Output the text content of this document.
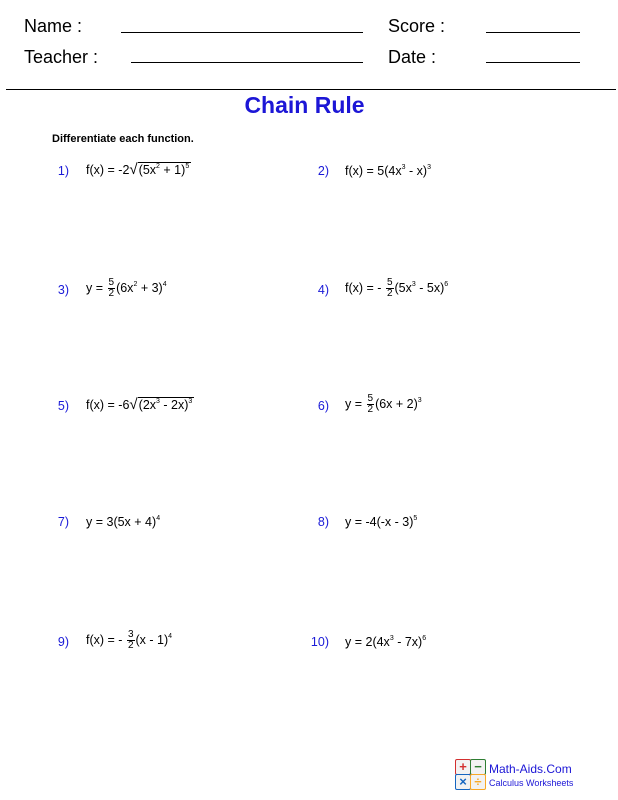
Name :	Score :
Teacher :	Date :
Chain Rule
Differentiate each function.
1) $f(x) = -2√(5x^2 + 1)^5$	2) $f(x) = 5(4x^3 - x)^3$
3) $y = \frac{5}{2} (6x^2 + 3)^4$	4) f(x) = - $\frac{5}{2} (5x^3 - 5x)^6$
5) $f(x) = -6√(2x^3 - 2x)^3$	6) $y = \frac{5}{2} (6x + 2)^3$
7) $y = 3(5x + 4)^4$	8) y = -4(-x - 3)$^5$
9) f(x) = - $\frac{3}{2} (x - 1)^4$	10) $y = 2(4x^3 - 7x)^6$
+ −
× ÷
Math-Aids.Com
Calculus Worksheets
